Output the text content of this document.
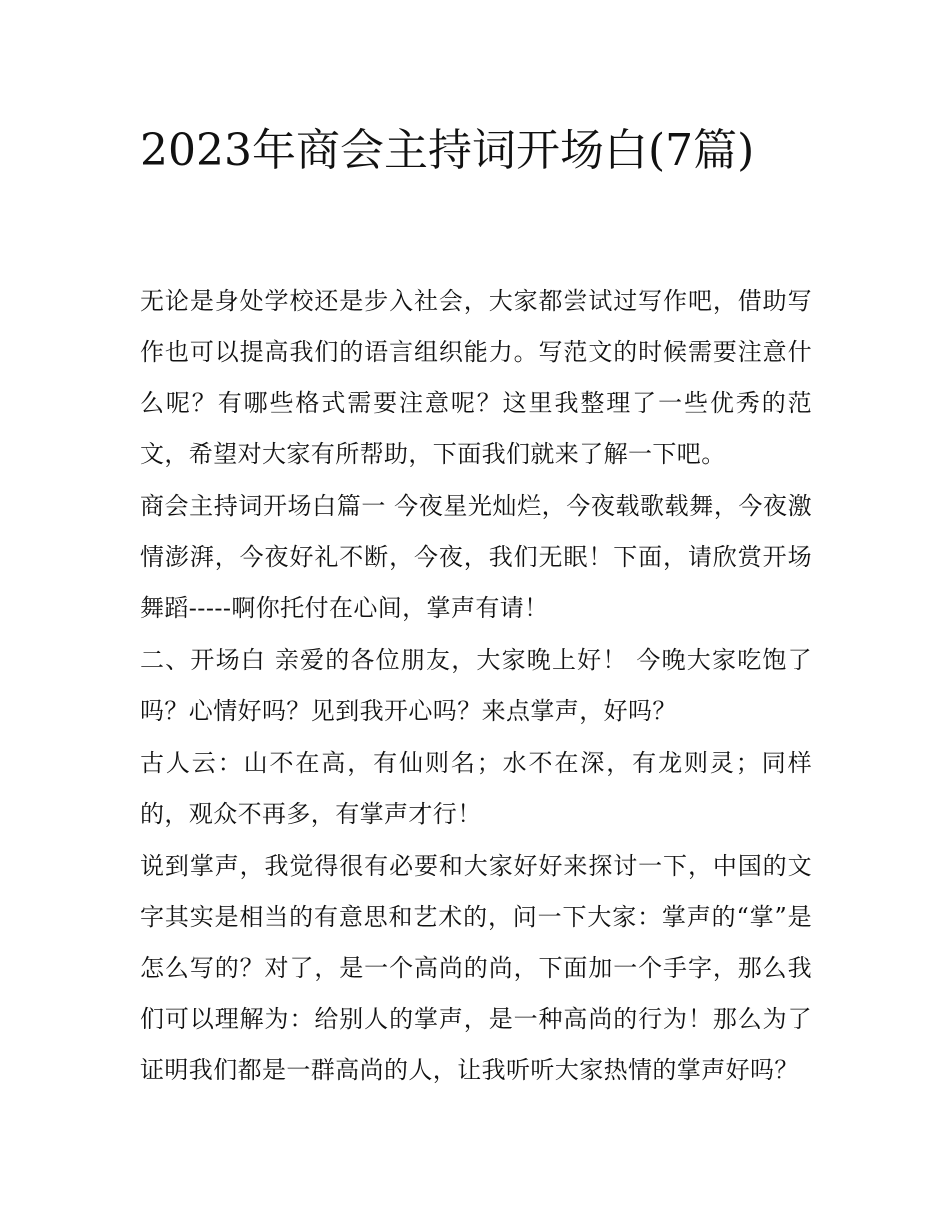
2023年商会主持词开场白(7篇)

无论是身处学校还是步入社会，大家都尝试过写作吧，借助写作也可以提高我们的语言组织能力。写范文的时候需要注意什么呢？有哪些格式需要注意呢？这里我整理了一些优秀的范文，希望对大家有所帮助，下面我们就来了解一下吧。

商会主持词开场白篇一 今夜星光灿烂，今夜载歌载舞，今夜激情澎湃，今夜好礼不断，今夜，我们无眠！下面，请欣赏开场舞蹈-----啊你托付在心间，掌声有请！

二、开场白 亲爱的各位朋友，大家晚上好！ 今晚大家吃饱了吗？心情好吗？见到我开心吗？来点掌声，好吗？

古人云：山不在高，有仙则名；水不在深，有龙则灵；同样的，观众不再多，有掌声才行！

说到掌声，我觉得很有必要和大家好好来探讨一下，中国的文字其实是相当的有意思和艺术的，问一下大家：掌声的“掌”是怎么写的？对了，是一个高尚的尚，下面加一个手字，那么我们可以理解为：给别人的掌声，是一种高尚的行为！那么为了证明我们都是一群高尚的人，让我听听大家热情的掌声好吗？
